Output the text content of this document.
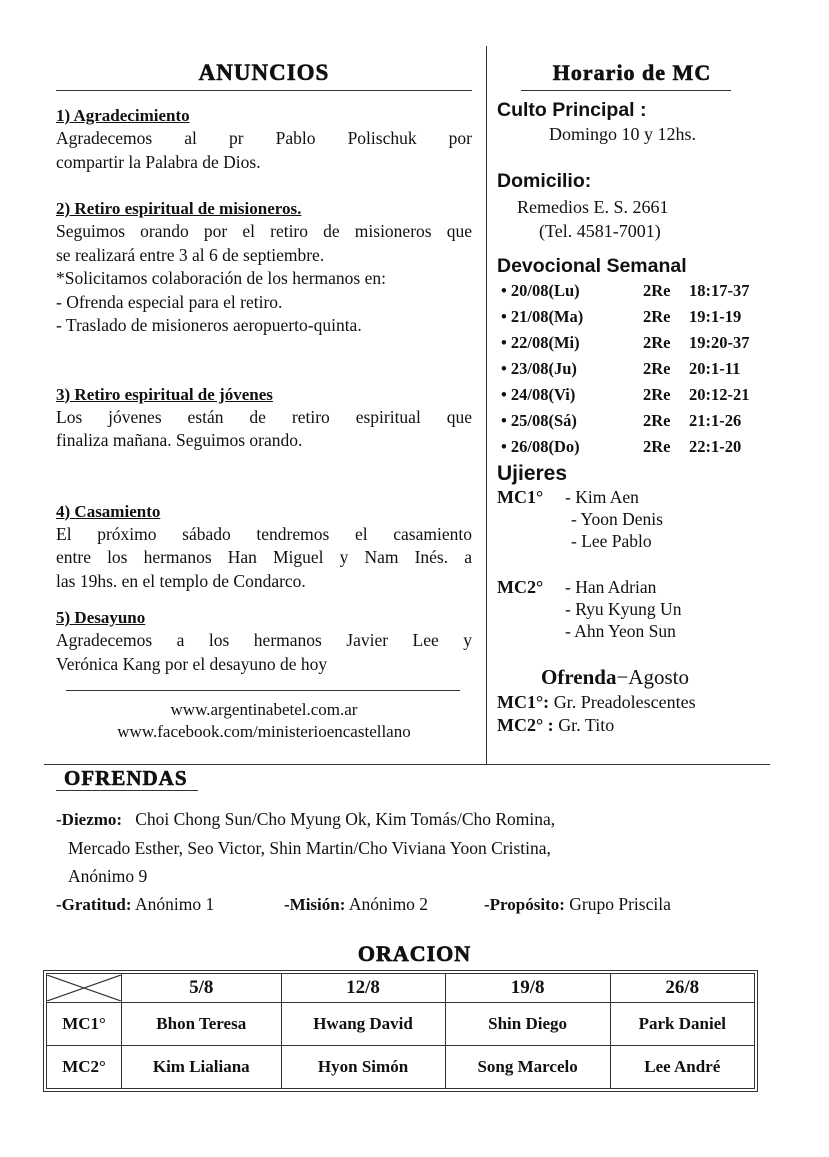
ANUNCIOS
1) Agradecimiento
Agradecemos al pr Pablo Polischuk por
compartir la Palabra de Dios.
2) Retiro espiritual de misioneros.
Seguimos orando por el retiro de misioneros que
se realizará entre 3 al 6 de septiembre.
*Solicitamos colaboración de los hermanos en:
- Ofrenda especial para el retiro.
- Traslado de misioneros aeropuerto-quinta.
3) Retiro espiritual de jóvenes
Los jóvenes están de retiro espiritual que
finaliza mañana. Seguimos orando.
4) Casamiento
El próximo sábado tendremos el casamiento
entre los hermanos Han Miguel y Nam Inés. a
las 19hs. en el templo de Condarco.
5) Desayuno
Agradecemos a los hermanos Javier Lee y
Verónica Kang por el desayuno de hoy
www.argentinabetel.com.ar
www.facebook.com/ministerioencastellano
Horario de MC
Culto Principal :
Domingo 10 y 12hs.
Domicilio:
Remedios E. S. 2661
(Tel. 4581-7001)
Devocional Semanal
• 20/08(Lu)	2Re	18:17-37
• 21/08(Ma)	2Re	19:1-19
• 22/08(Mi)	2Re	19:20-37
• 23/08(Ju)	2Re	20:1-11
• 24/08(Vi)	2Re	20:12-21
• 25/08(Sá)	2Re	21:1-26
• 26/08(Do)	2Re	22:1-20
Ujieres
MC1°	- Kim Aen
- Yoon Denis
- Lee Pablo
MC2°	- Han Adrian
- Ryu Kyung Un
- Ahn Yeon Sun
Ofrenda−Agosto
MC1°: Gr. Preadolescentes
MC2° : Gr. Tito
OFRENDAS
-Diezmo: Choi Chong Sun/Cho Myung Ok, Kim Tomás/Cho Romina,
Mercado Esther, Seo Victor, Shin Martin/Cho Viviana Yoon Cristina,
Anónimo 9
-Gratitud: Anónimo 1	-Misión: Anónimo 2	-Propósito: Grupo Priscila
ORACION
	5/8	12/8	19/8	26/8
MC1°	Bhon Teresa	Hwang David	Shin Diego	Park Daniel
MC2°	Kim Lialiana	Hyon Simón	Song Marcelo	Lee André
